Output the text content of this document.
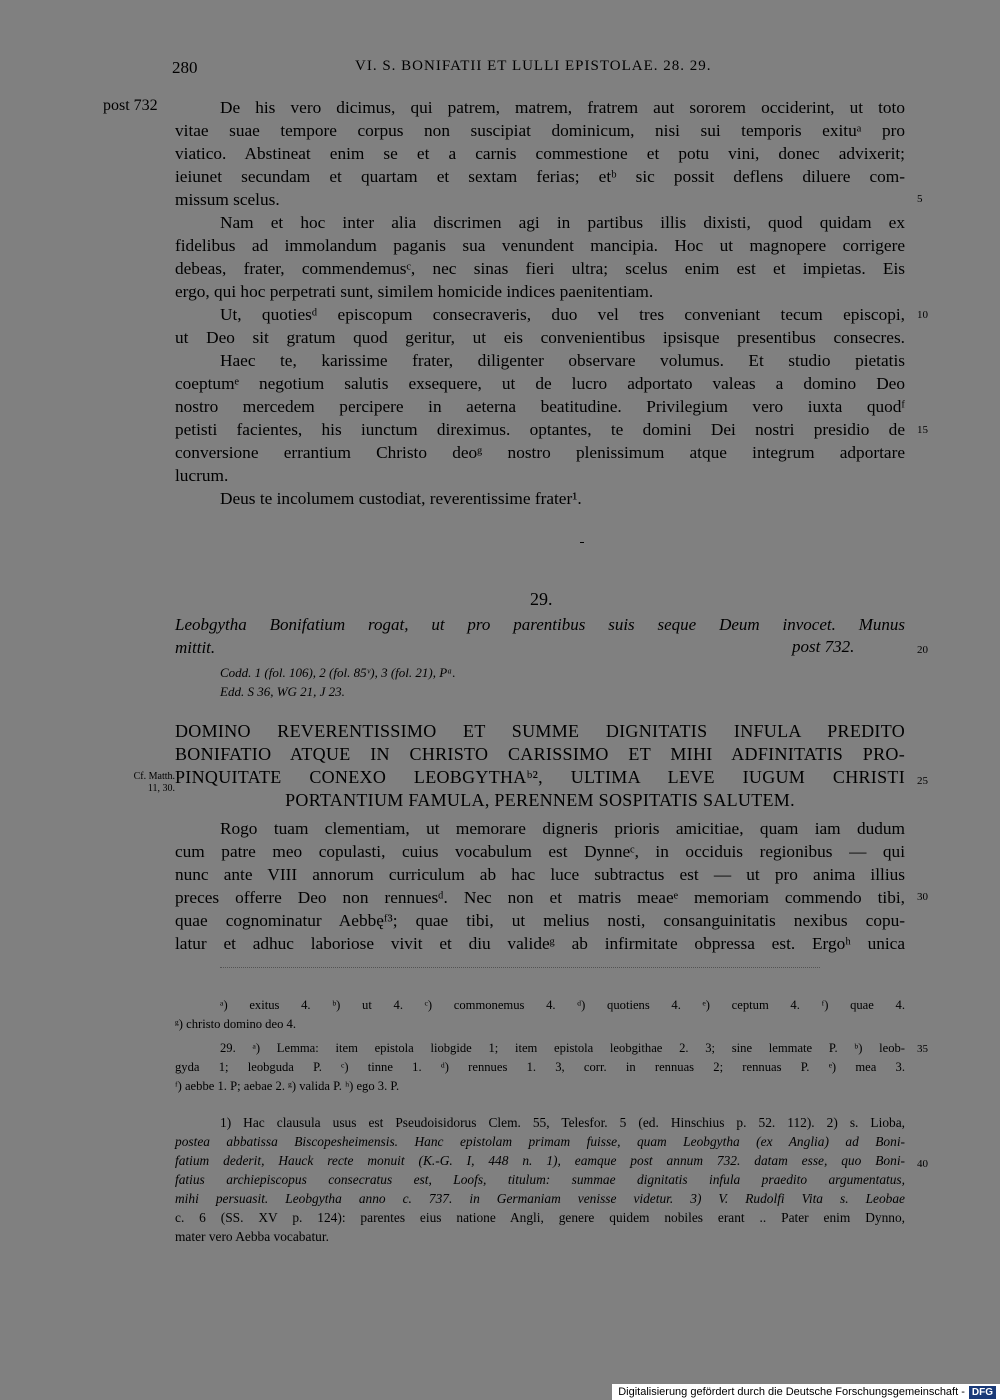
280	VI. S. BONIFATII ET LULLI EPISTOLAE. 28. 29.
post 732	De his vero dicimus, qui patrem, matrem, fratrem aut sororem occiderint, ut toto
vitae suae tempore corpus non suscipiat dominicum, nisi sui temporis exituᵃ pro
viatico. Abstineat enim se et a carnis commestione et potu vini, donec advixerit;
ieiunet secundam et quartam et sextam ferias; etᵇ sic possit deflens diluere com-
missum scelus.
Nam et hoc inter alia discrimen agi in partibus illis dixisti, quod quidam ex
fidelibus ad immolandum paganis sua venundent mancipia. Hoc ut magnopere corrigere
debeas, frater, commendemusᶜ, nec sinas fieri ultra; scelus enim est et impietas. Eis
ergo, qui hoc perpetrati sunt, similem homicide indices paenitentiam.
Ut, quotiesᵈ episcopum consecraveris, duo vel tres conveniant tecum episcopi,
ut Deo sit gratum quod geritur, ut eis convenientibus ipsisque presentibus consecres.
Haec te, karissime frater, diligenter observare volumus. Et studio pietatis
coeptumᵉ negotium salutis exsequere, ut de lucro adportato valeas a domino Deo
nostro mercedem percipere in aeterna beatitudine. Privilegium vero iuxta quodᶠ
petisti facientes, his iunctum direximus. optantes, te domini Dei nostri presidio de
conversione errantium Christo deoᵍ nostro plenissimum atque integrum adportare
lucrum.
Deus te incolumem custodiat, reverentissime frater¹.
5
10
15
20
25
30
35
40
29.
Leobgytha Bonifatium rogat, ut pro parentibus suis seque Deum invocet. Munus
mittit.	post 732.
Codd. 1 (fol. 106), 2 (fol. 85ᵛ), 3 (fol. 21), Pᵃ.
Edd. S 36, WG 21, J 23.
DOMINO REVERENTISSIMO ET SUMME DIGNITATIS INFULA PREDITO
BONIFATIO ATQUE IN CHRISTO CARISSIMO ET MIHI ADFINITATIS PRO-
PINQUITATE CONEXO LEOBGYTHAᵇ², ULTIMA LEVE IUGUM CHRISTI
PORTANTIUM FAMULA, PERENNEM SOSPITATIS SALUTEM.
Cf. Matth.
11, 30.
Rogo tuam clementiam, ut memorare digneris prioris amicitiae, quam iam dudum
cum patre meo copulasti, cuius vocabulum est Dynneᶜ, in occiduis regionibus — qui
nunc ante VIII annorum curriculum ab hac luce subtractus est — ut pro anima illius
preces offerre Deo non rennuesᵈ. Nec non et matris meaeᵉ memoriam commendo tibi,
quae cognominatur Aebbęᶠ³; quae tibi, ut melius nosti, consanguinitatis nexibus copu-
latur et adhuc laboriose vivit et diu valideᵍ ab infirmitate obpressa est. Ergoʰ unica
ᵃ) exitus 4. ᵇ) ut 4. ᶜ) commonemus 4. ᵈ) quotiens 4. ᵉ) ceptum 4. ᶠ) quae 4.
ᵍ) christo domino deo 4.
29. ᵃ) Lemma: item epistola liobgide 1; item epistola leobgithae 2. 3; sine lemmate P. ᵇ) leob-
gyda 1; leobguda P. ᶜ) tinne 1. ᵈ) rennues 1. 3, corr. in rennuas 2; rennuas P. ᵉ) mea 3.
ᶠ) aebbe 1. P; aebae 2. ᵍ) valida P. ʰ) ego 3. P.
1) Hac clausula usus est Pseudoisidorus Clem. 55, Telesfor. 5 (ed. Hinschius p. 52. 112). 2) s. Lioba,
postea abbatissa Biscopesheimensis. Hanc epistolam primam fuisse, quam Leobgytha (ex Anglia) ad Boni-
fatium dederit, Hauck recte monuit (K.-G. I, 448 n. 1), eamque post annum 732. datam esse, quo Boni-
fatius archiepiscopus consecratus est, Loofs, titulum: summae dignitatis infula praedito argumentatus,
mihi persuasit. Leobgytha anno c. 737. in Germaniam venisse videtur. 3) V. Rudolfi Vita s. Leobae
c. 6 (SS. XV p. 124): parentes eius natione Angli, genere quidem nobiles erant .. Pater enim Dynno,
mater vero Aebba vocabatur.
Digitalisierung gefördert durch die Deutsche Forschungsgemeinschaft - DFG
